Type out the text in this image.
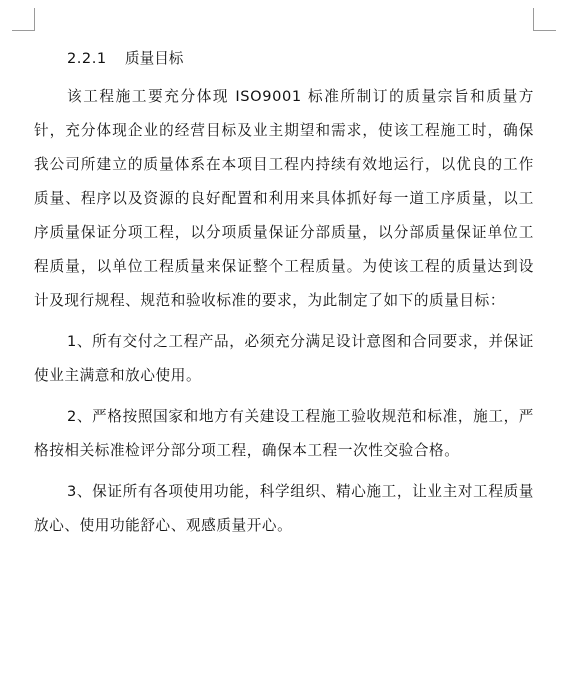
2.2.1 质量目标

该工程施工要充分体现 ISO9001 标准所制订的质量宗旨和质量方针，充分体现企业的经营目标及业主期望和需求，使该工程施工时，确保我公司所建立的质量体系在本项目工程内持续有效地运行，以优良的工作质量、程序以及资源的良好配置和利用来具体抓好每一道工序质量，以工序质量保证分项工程，以分项质量保证分部质量，以分部质量保证单位工程质量，以单位工程质量来保证整个工程质量。为使该工程的质量达到设计及现行规程、规范和验收标准的要求，为此制定了如下的质量目标：

1、所有交付之工程产品，必须充分满足设计意图和合同要求，并保证使业主满意和放心使用。

2、严格按照国家和地方有关建设工程施工验收规范和标准，施工，严格按相关标准检评分部分项工程，确保本工程一次性交验合格。

3、保证所有各项使用功能，科学组织、精心施工，让业主对工程质量放心、使用功能舒心、观感质量开心。
